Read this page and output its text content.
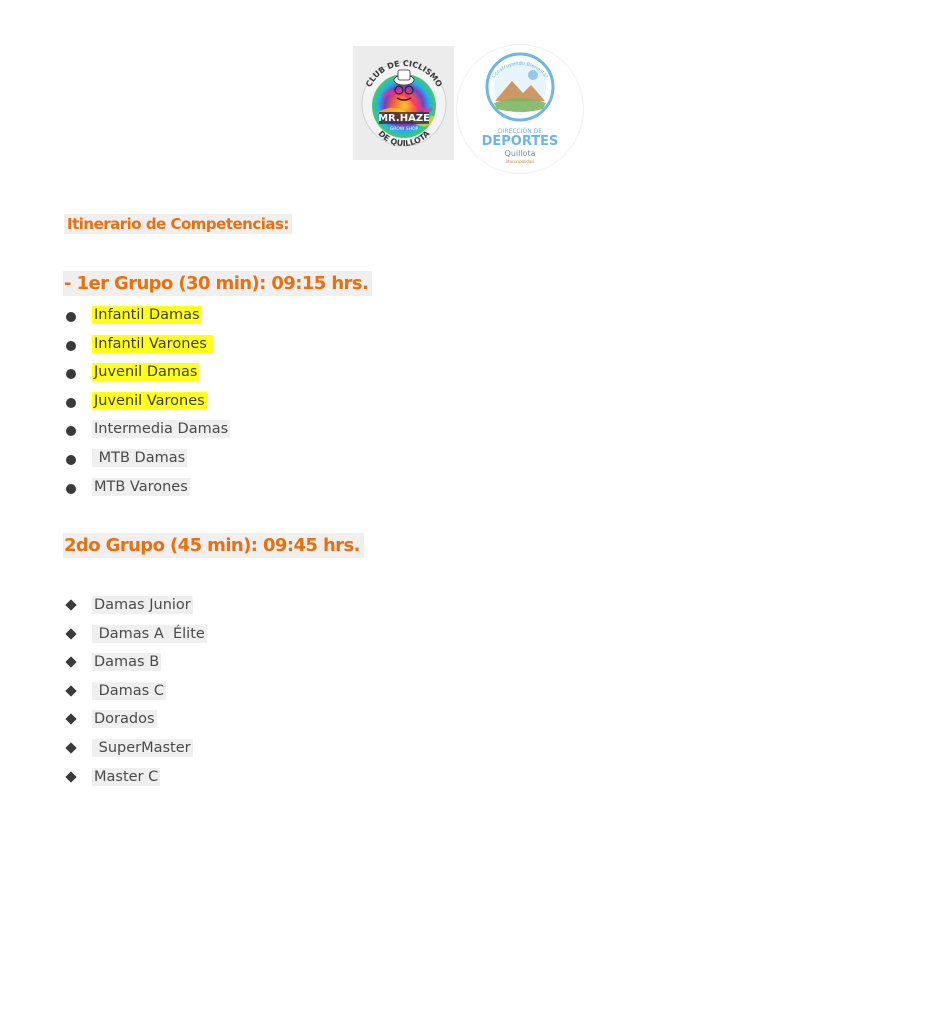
CLUB DE CICLISMO
MR.HAZE
GROW SHOP
DE QUILLOTA
Construyendo Bienestar
DIRECCIÓN DE
DEPORTES
Quillota
Municipalidad
Itinerario de Competencias:
- 1er Grupo (30 min): 09:15 hrs.
Infantil Damas
Infantil Varones
Juvenil Damas
Juvenil Varones
Intermedia Damas
MTB Damas
MTB Varones
2do Grupo (45 min): 09:45 hrs.
Damas Junior
Damas A  Élite
Damas B
Damas C
Dorados
SuperMaster
Master C
